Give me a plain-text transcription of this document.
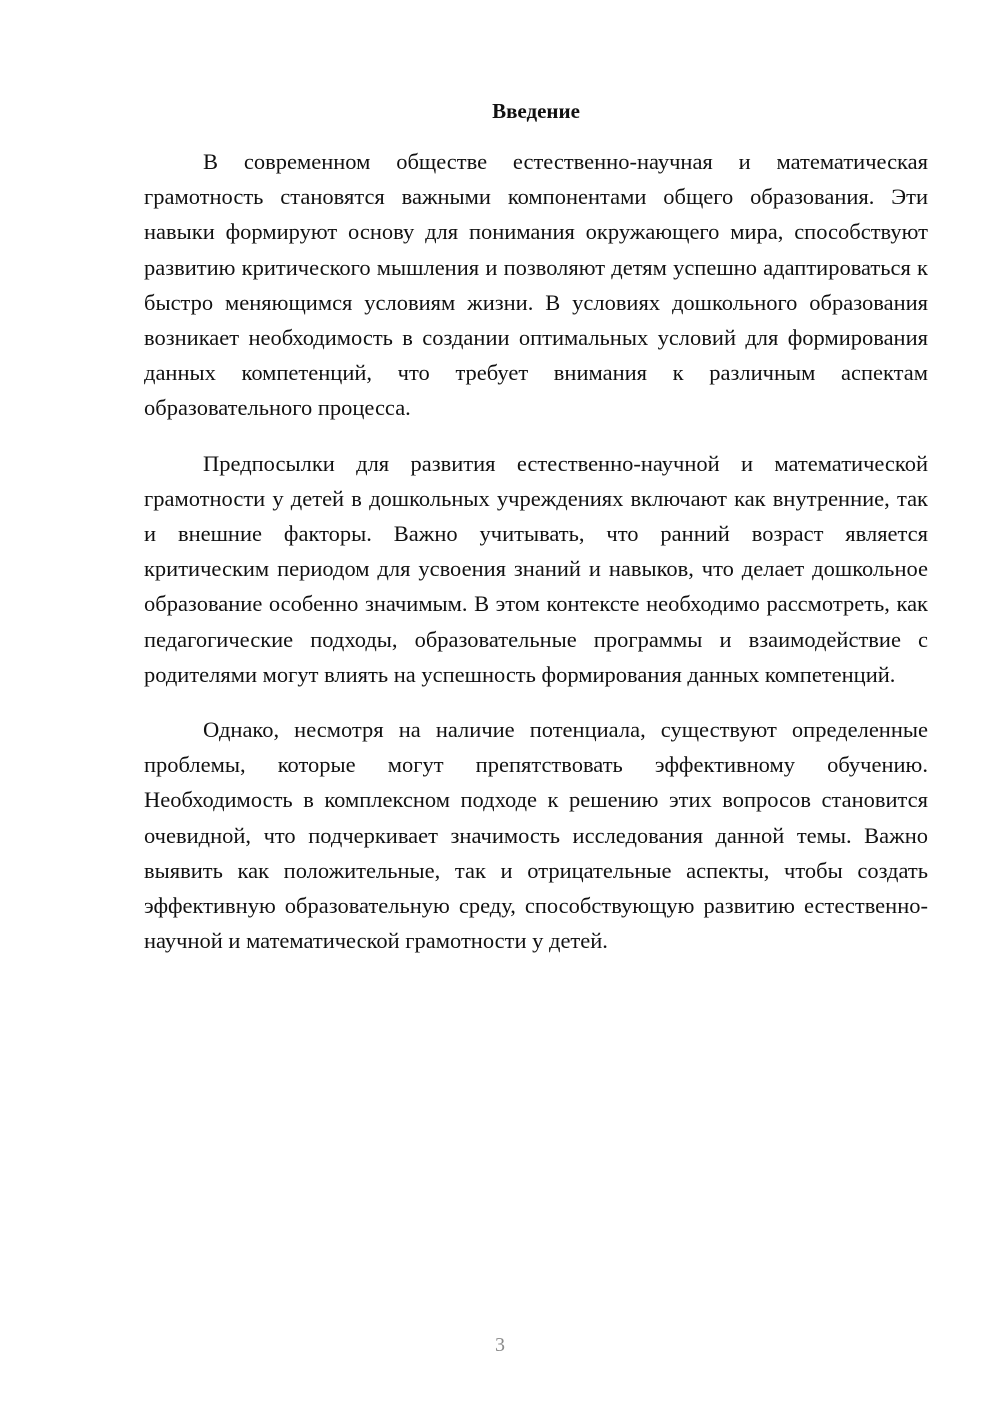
Введение

В современном обществе естественно-научная и математическая грамотность становятся важными компонентами общего образования. Эти навыки формируют основу для понимания окружающего мира, способствуют развитию критического мышления и позволяют детям успешно адаптироваться к быстро меняющимся условиям жизни. В условиях дошкольного образования возникает необходимость в создании оптимальных условий для формирования данных компетенций, что требует внимания к различным аспектам образовательного процесса.

Предпосылки для развития естественно-научной и математической грамотности у детей в дошкольных учреждениях включают как внутренние, так и внешние факторы. Важно учитывать, что ранний возраст является критическим периодом для усвоения знаний и навыков, что делает дошкольное образование особенно значимым. В этом контексте необходимо рассмотреть, как педагогические подходы, образовательные программы и взаимодействие с родителями могут влиять на успешность формирования данных компетенций.

Однако, несмотря на наличие потенциала, существуют определенные проблемы, которые могут препятствовать эффективному обучению. Необходимость в комплексном подходе к решению этих вопросов становится очевидной, что подчеркивает значимость исследования данной темы. Важно выявить как положительные, так и отрицательные аспекты, чтобы создать эффективную образовательную среду, способствующую развитию естественно-научной и математической грамотности у детей.

3
